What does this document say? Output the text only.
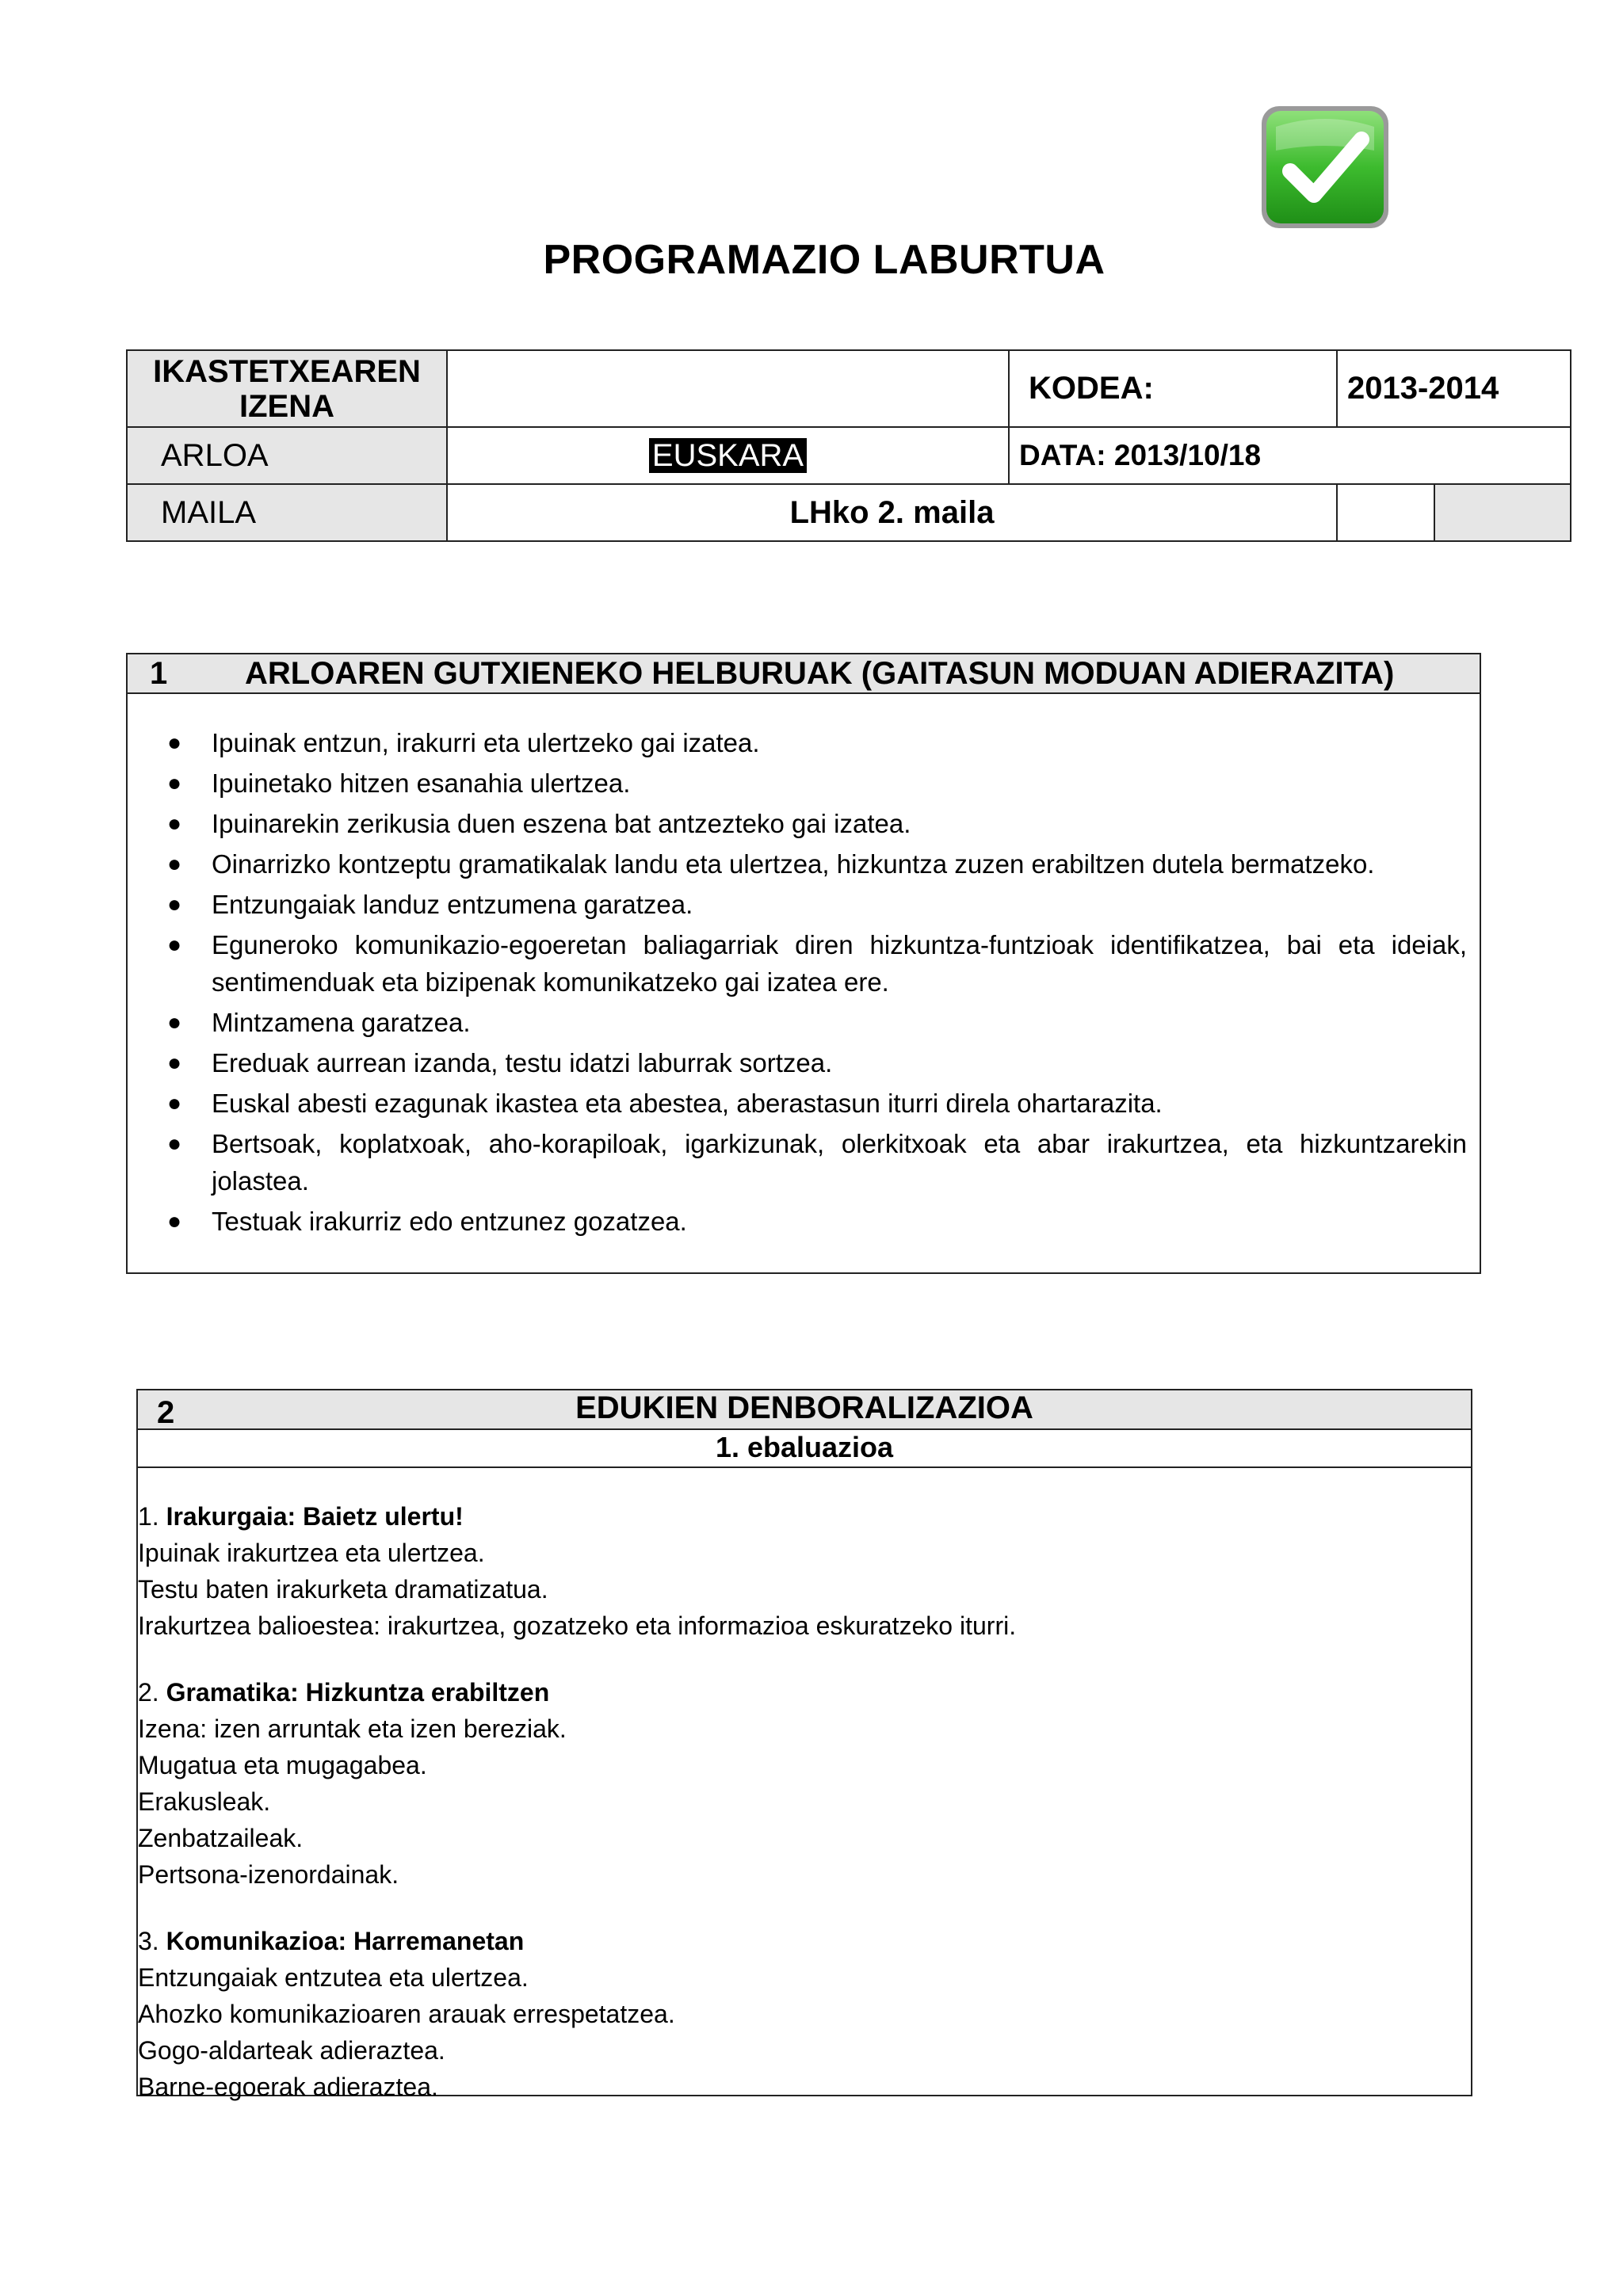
PROGRAMAZIO LABURTUA
IKASTETXEAREN IZENA		KODEA:	2013-2014	
ARLOA	EUSKARA	DATA: 2013/10/18		
MAILA	LHko 2. maila			
1	ARLOAREN GUTXIENEKO HELBURUAK (GAITASUN MODUAN ADIERAZITA)
● Ipuinak entzun, irakurri eta ulertzeko gai izatea.
● Ipuinetako hitzen esanahia ulertzea.
● Ipuinarekin zerikusia duen eszena bat antzezteko gai izatea.
● Oinarrizko kontzeptu gramatikalak landu eta ulertzea, hizkuntza zuzen erabiltzen dutela bermatzeko.
● Entzungaiak landuz entzumena garatzea.
● Eguneroko komunikazio-egoeretan baliagarriak diren hizkuntza-funtzioak identifikatzea, bai eta ideiak, sentimenduak eta bizipenak komunikatzeko gai izatea ere.
● Mintzamena garatzea.
● Ereduak aurrean izanda, testu idatzi laburrak sortzea.
● Euskal abesti ezagunak ikastea eta abestea, aberastasun iturri direla ohartarazita.
● Bertsoak, koplatxoak, aho-korapiloak, igarkizunak, olerkitxoak eta abar irakurtzea, eta hizkuntzarekin jolastea.
● Testuak irakurriz edo entzunez gozatzea.
2	EDUKIEN DENBORALIZAZIOA
1. ebaluazioa
1. Irakurgaia: Baietz ulertu!
Ipuinak irakurtzea eta ulertzea.
Testu baten irakurketa dramatizatua.
Irakurtzea balioestea: irakurtzea, gozatzeko eta informazioa eskuratzeko iturri.
2. Gramatika: Hizkuntza erabiltzen
Izena: izen arruntak eta izen bereziak.
Mugatua eta mugagabea.
Erakusleak.
Zenbatzaileak.
Pertsona-izenordainak.
3. Komunikazioa: Harremanetan
Entzungaiak entzutea eta ulertzea.
Ahozko komunikazioaren arauak errespetatzea.
Gogo-aldarteak adieraztea.
Barne-egoerak adieraztea.
